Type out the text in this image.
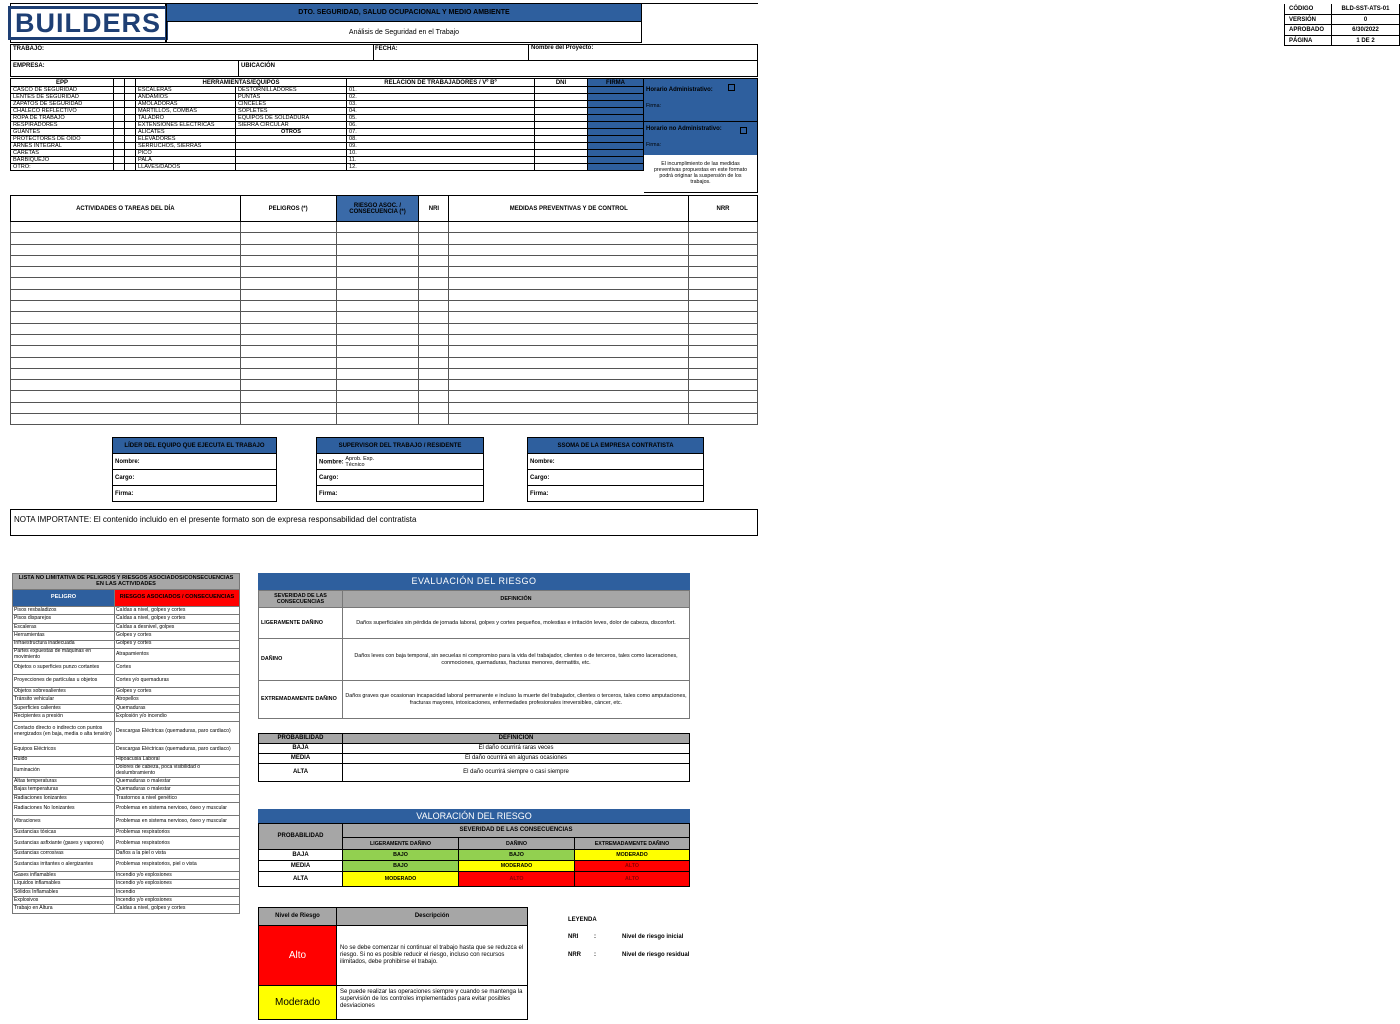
BUILDERS	DTO. SEGURIDAD, SALUD OCUPACIONAL Y MEDIO AMBIENTE
Análisis de Seguridad en el Trabajo
CÓDIGO	BLD-SST-ATS-01
VERSIÓN	0
APROBADO	6/30/2022
PÁGINA	1 DE 2
TRABAJO:	FECHA:	Nombre del Proyecto:
EMPRESA:	UBICACIÓN
EPP			HERRAMIENTAS/EQUIPOS		RELACIÓN DE TRABAJADORES / Vº Bº	DNI	FIRMA
CASCO DE SEGURIDAD			ESCALERAS	DESTORNILLADORES	01.		
LENTES DE SEGURIDAD			ANDAMIOS	PUNTAS	02.		
ZAPATOS DE SEGURIDAD			AMOLADORAS	CINCELES	03.		
CHALECO REFLECTIVO			MARTILLOS, COMBAS	SOPLETES	04.		
ROPA DE TRABAJO			TALADRO	EQUIPOS DE SOLDADURA	05.		
RESPIRADORES			EXTENSIONES ELÉCTRICAS	SIERRA CIRCULAR	06.		
GUANTES			ALICATES	OTROS	07.		
PROTECTORES DE OIDO			ELEVADORES		08.		
ARNÉS INTEGRAL			SERRUCHOS, SIERRAS		09.		
CARETAS			PICO		10.		
BARBIQUEJO			PALA		11.		
OTRO:			LLAVES/DADOS		12.		
Horario Administrativo:
Firma:
Horario no Administrativo:
Firma:
El incumplimiento de las medidas preventivas propuestas en este formato podrá originar la suspensión de los trabajos.
ACTIVIDADES O TAREAS DEL DÍA	PELIGROS (*)	RIESGO ASOC. / CONSECUENCIA (*)	NRI	MEDIDAS PREVENTIVAS Y DE CONTROL	NRR

LÍDER DEL EQUIPO QUE EJECUTA EL TRABAJO
Nombre:
Cargo:
Firma:
SUPERVISOR DEL TRABAJO / RESIDENTE
Nombre: Aprob. Exp. Técnico
Cargo:
Firma:
SSOMA DE LA EMPRESA CONTRATISTA
Nombre:
Cargo:
Firma:
NOTA IMPORTANTE: El contenido incluido en el presente formato son de expresa responsabilidad del contratista
LISTA NO LIMITATIVA DE PELIGROS Y RIESGOS ASOCIADOS/CONSECUENCIAS EN LAS ACTIVIDADES	
PELIGRO	RIESGOS ASOCIADOS / CONSECUENCIAS
Pisos resbaladizos	Caídas a nivel, golpes y cortes
Pisos disparejos	Caídas a nivel, golpes y cortes
Escaleras	Caídas a desnivel, golpes
Herramientas	Golpes y cortes
Infraestructura inadecuada	Golpes y cortes
Partes expuestas de máquinas en movimiento	Atrapamientos
Objetos o superficies punzo cortantes	Cortes
Proyecciones de partículas u objetos	Cortes y/o quemaduras
Objetos sobresalientes	Golpes y cortes
Tránsito vehicular	Atropellos
Superficies calientes	Quemaduras
Recipientes a presión	Explosión y/o incendio
Contacto directo o indirecto con puntos energizados (en baja, media o alta tensión)	Descargas Eléctricas (quemaduras, paro cardiaco)
Equipos Eléctricos	Descargas Eléctricas (quemaduras, paro cardiaco)
Ruido	Hipoacusia Laboral
Iluminación	Dolores de cabeza, poca visibilidad o deslumbramiento
Altas temperaturas	Quemaduras o malestar
Bajas temperaturas	Quemaduras o malestar
Radiaciones Ionizantes	Trastornos a nivel genético
Radiaciones No Ionizantes	Problemas en sistema nervioso, óseo y muscular
Vibraciones	Problemas en sistema nervioso, óseo y muscular
Sustancias tóxicas	Problemas respiratorios
Sustancias asfixiante (gases y vapores)	Problemas respiratorios
Sustancias corrosivas	Daños a la piel o vista
Sustancias irritantes o alergizantes	Problemas respiratorios, piel o vista
Gases inflamables	Incendio y/o explosiones
Líquidos inflamables	Incendio y/o explosiones
Sólidos Inflamables	Incendio
Explosivos	Incendio y/o explosiones
Trabajo en Altura	Caídas a nivel, golpes y cortes
EVALUACIÓN DEL RIESGO
SEVERIDAD DE LAS CONSECUENCIAS	DEFINICIÓN
LIGERAMENTE DAÑINO	Daños superficiales sin pérdida de jornada laboral, golpes y cortes pequeños, molestias e irritación leves, dolor de cabeza, disconfort.
DAÑINO	Daños leves con baja temporal, sin secuelas ni compromiso para la vida del trabajador, clientes o de terceros, tales como laceraciones, conmociones, quemaduras, fracturas menores, dermatitis, etc.
EXTREMADAMENTE DAÑINO	Daños graves que ocasionan incapacidad laboral permanente e incluso la muerte del trabajador, clientes o terceros, tales como amputaciones, fracturas mayores, intoxicaciones, enfermedades profesionales irreversibles, cáncer, etc.
PROBABILIDAD	DEFINICIÓN
BAJA	El daño ocurrirá raras veces
MEDIA	El daño ocurrirá en algunas ocasiones
ALTA	El daño ocurrirá siempre o casi siempre
VALORACIÓN DEL RIESGO
PROBABILIDAD	SEVERIDAD DE LAS CONSECUENCIAS		
	LIGERAMENTE DAÑINO	DAÑINO	EXTREMADAMENTE DAÑINO
BAJA	BAJO	BAJO	MODERADO
MEDIA	BAJO	MODERADO	ALTO
ALTA	MODERADO	ALTO	ALTO
Nivel de Riesgo	Descripción
Alto	No se debe comenzar ni continuar el trabajo hasta que se reduzca el riesgo. Si no es posible reducir el riesgo, incluso con recursos ilimitados, debe prohibirse el trabajo.
Moderado	Se puede realizar las operaciones siempre y cuando se mantenga la supervisión de los controles implementados para evitar posibles desviaciones
LEYENDA
NRI	:	Nivel de riesgo inicial
NRR :	Nivel de riesgo residual
